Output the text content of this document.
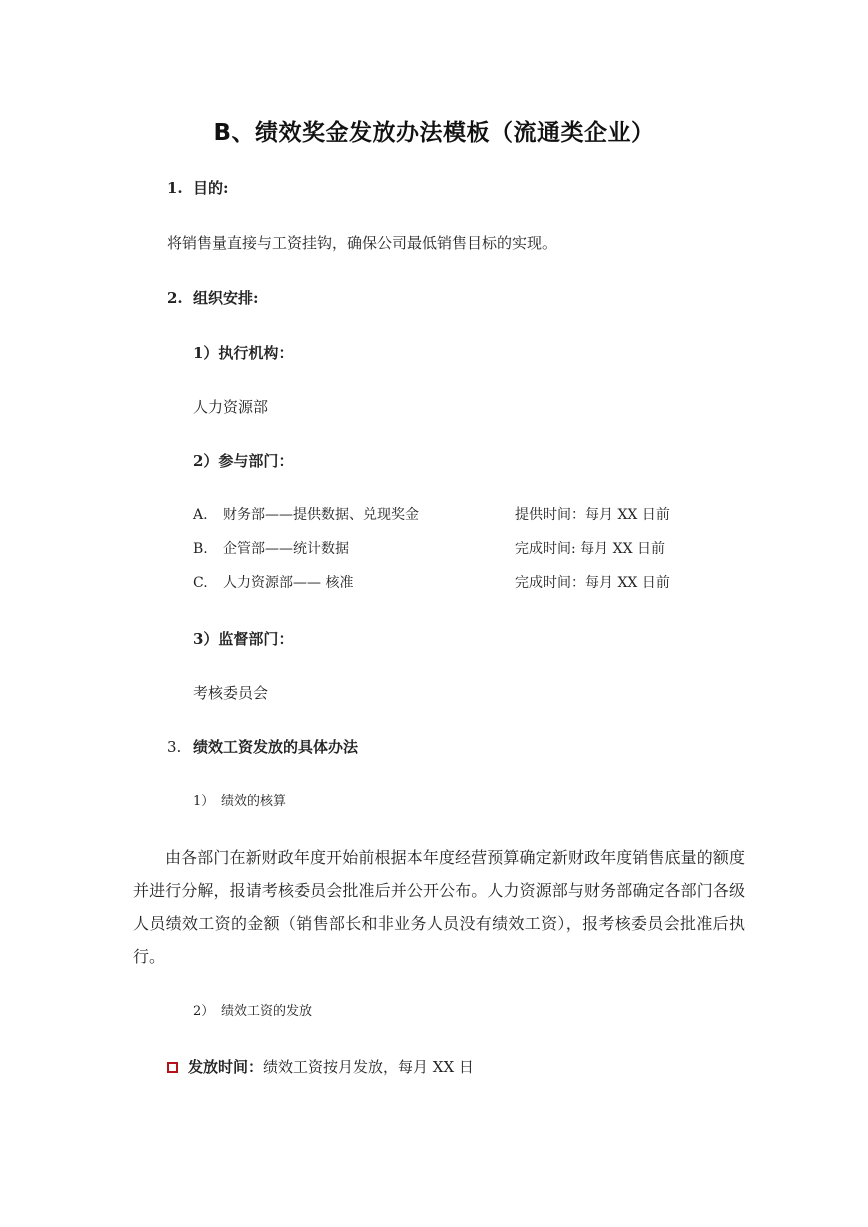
B、绩效奖金发放办法模板（流通类企业）
1. 目的:
将销售量直接与工资挂钩，确保公司最低销售目标的实现。
2. 组织安排:
1）执行机构：
人力资源部
2）参与部门：
A. 财务部——提供数据、兑现奖金	提供时间：每月 XX 日前
B. 企管部——统计数据	完成时间: 每月 XX 日前
C. 人力资源部—— 核准	完成时间：每月 XX 日前
3）监督部门：
考核委员会
3. 绩效工资发放的具体办法
1） 绩效的核算
由各部门在新财政年度开始前根据本年度经营预算确定新财政年度销售底量的额度并进行分解，报请考核委员会批准后并公开公布。人力资源部与财务部确定各部门各级人员绩效工资的金额（销售部长和非业务人员没有绩效工资），报考核委员会批准后执行。
2） 绩效工资的发放
发放时间：绩效工资按月发放，每月 XX 日
